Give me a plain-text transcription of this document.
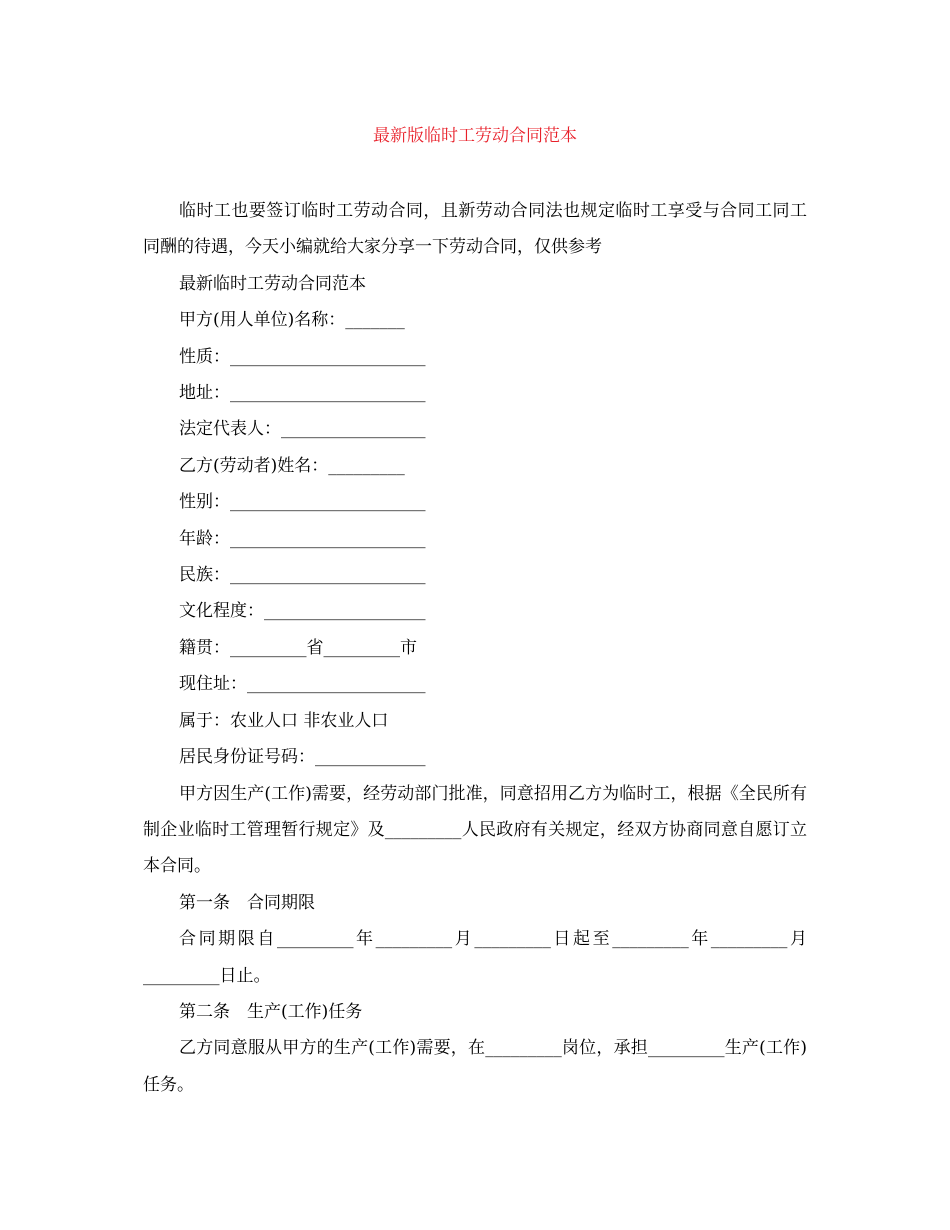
最新版临时工劳动合同范本

临时工也要签订临时工劳动合同，且新劳动合同法也规定临时工享受与合同工同工同酬的待遇，今天小编就给大家分享一下劳动合同，仅供参考

最新临时工劳动合同范本

甲方(用人单位)名称：_______

性质：_______________________

地址：_______________________

法定代表人：_________________

乙方(劳动者)姓名：_________

性别：_______________________

年龄：_______________________

民族：_______________________

文化程度：___________________

籍贯：_________省_________市

现住址：_____________________

属于：农业人口 非农业人口

居民身份证号码：_____________

甲方因生产(工作)需要，经劳动部门批准，同意招用乙方为临时工，根据《全民所有制企业临时工管理暂行规定》及_________人民政府有关规定，经双方协商同意自愿订立本合同。

第一条　合同期限

合同期限自_________年_________月_________日起至_________年_________月_________日止。

第二条　生产(工作)任务

乙方同意服从甲方的生产(工作)需要，在_________岗位，承担_________生产(工作)任务。
